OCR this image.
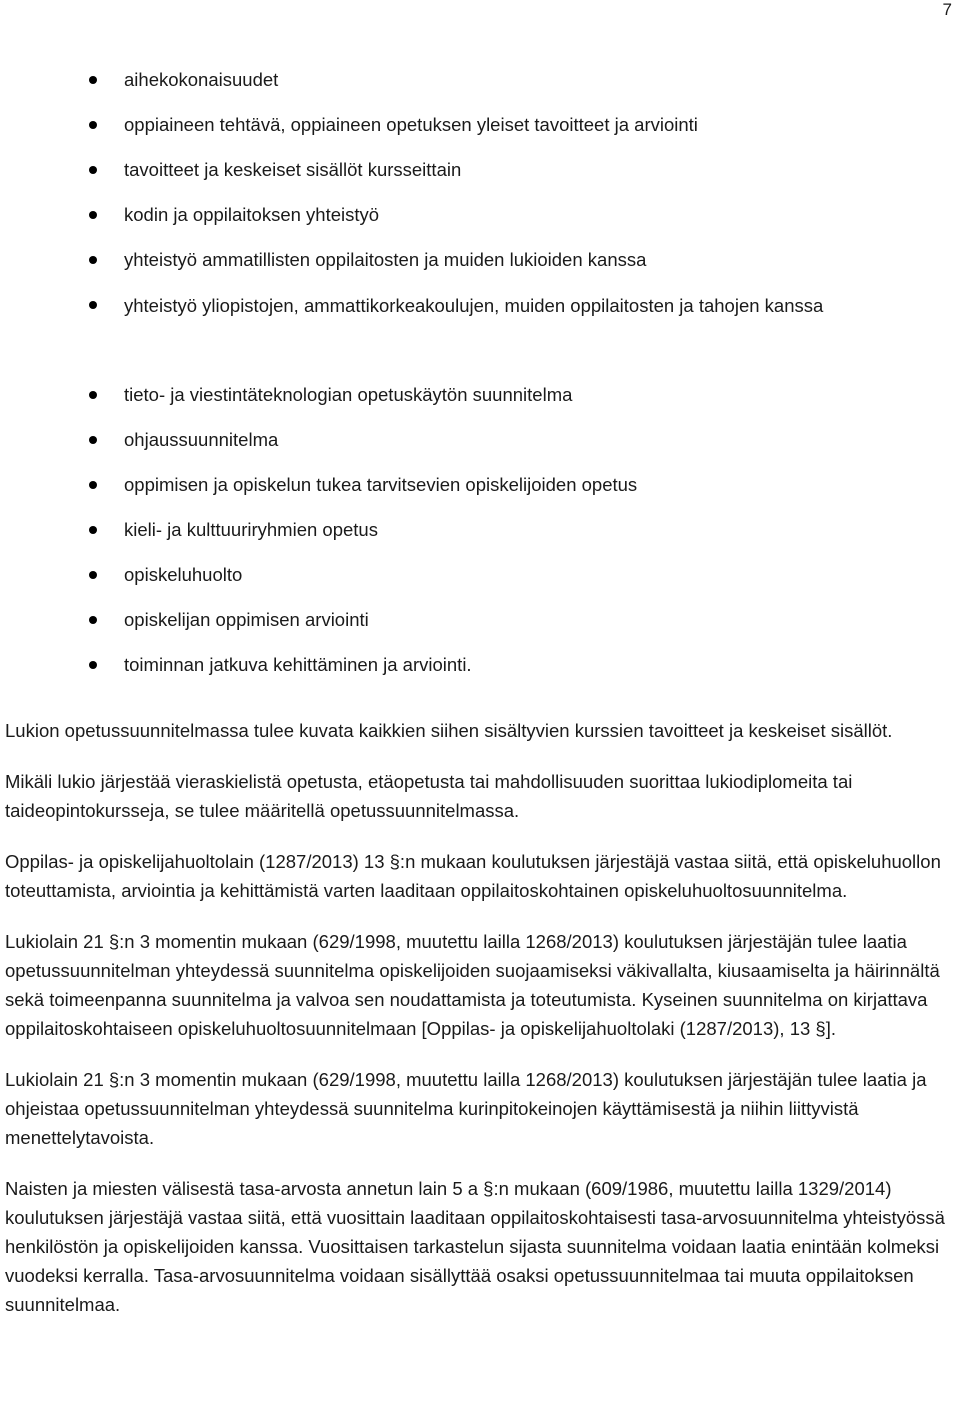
7
aihekokonaisuudet
oppiaineen tehtävä, oppiaineen opetuksen yleiset tavoitteet ja arviointi
tavoitteet ja keskeiset sisällöt kursseittain
kodin ja oppilaitoksen yhteistyö
yhteistyö ammatillisten oppilaitosten ja muiden lukioiden kanssa
yhteistyö yliopistojen, ammattikorkeakoulujen, muiden oppilaitosten ja tahojen kanssa
tieto- ja viestintäteknologian opetuskäytön suunnitelma
ohjaussuunnitelma
oppimisen ja opiskelun tukea tarvitsevien opiskelijoiden opetus
kieli- ja kulttuuriryhmien opetus
opiskeluhuolto
opiskelijan oppimisen arviointi
toiminnan jatkuva kehittäminen ja arviointi.

Lukion opetussuunnitelmassa tulee kuvata kaikkien siihen sisältyvien kurssien tavoitteet ja keskeiset sisällöt.

Mikäli lukio järjestää vieraskielistä opetusta, etäopetusta tai mahdollisuuden suorittaa lukiodiplomeita tai taideopintokursseja, se tulee määritellä opetussuunnitelmassa.

Oppilas- ja opiskelijahuoltolain (1287/2013) 13 §:n mukaan koulutuksen järjestäjä vastaa siitä, että opiskeluhuollon toteuttamista, arviointia ja kehittämistä varten laaditaan oppilaitoskohtainen opiskeluhuoltosuunnitelma.

Lukiolain 21 §:n 3 momentin mukaan (629/1998, muutettu lailla 1268/2013) koulutuksen järjestäjän tulee laatia opetussuunnitelman yhteydessä suunnitelma opiskelijoiden suojaamiseksi väkivallalta, kiusaamiselta ja häirinnältä sekä toimeenpanna suunnitelma ja valvoa sen noudattamista ja toteutumista. Kyseinen suunnitelma on kirjattava oppilaitoskohtaiseen opiskeluhuoltosuunnitelmaan [Oppilas- ja opiskelijahuoltolaki (1287/2013), 13 §].

Lukiolain 21 §:n 3 momentin mukaan (629/1998, muutettu lailla 1268/2013) koulutuksen järjestäjän tulee laatia ja ohjeistaa opetussuunnitelman yhteydessä suunnitelma kurinpitokeinojen käyttämisestä ja niihin liittyvistä menettelytavoista.

Naisten ja miesten välisestä tasa-arvosta annetun lain 5 a §:n mukaan (609/1986, muutettu lailla 1329/2014) koulutuksen järjestäjä vastaa siitä, että vuosittain laaditaan oppilaitoskohtaisesti tasa-arvosuunnitelma yhteistyössä henkilöstön ja opiskelijoiden kanssa. Vuosittaisen tarkastelun sijasta suunnitelma voidaan laatia enintään kolmeksi vuodeksi kerralla. Tasa-arvosuunnitelma voidaan sisällyttää osaksi opetussuunnitelmaa tai muuta oppilaitoksen suunnitelmaa.
